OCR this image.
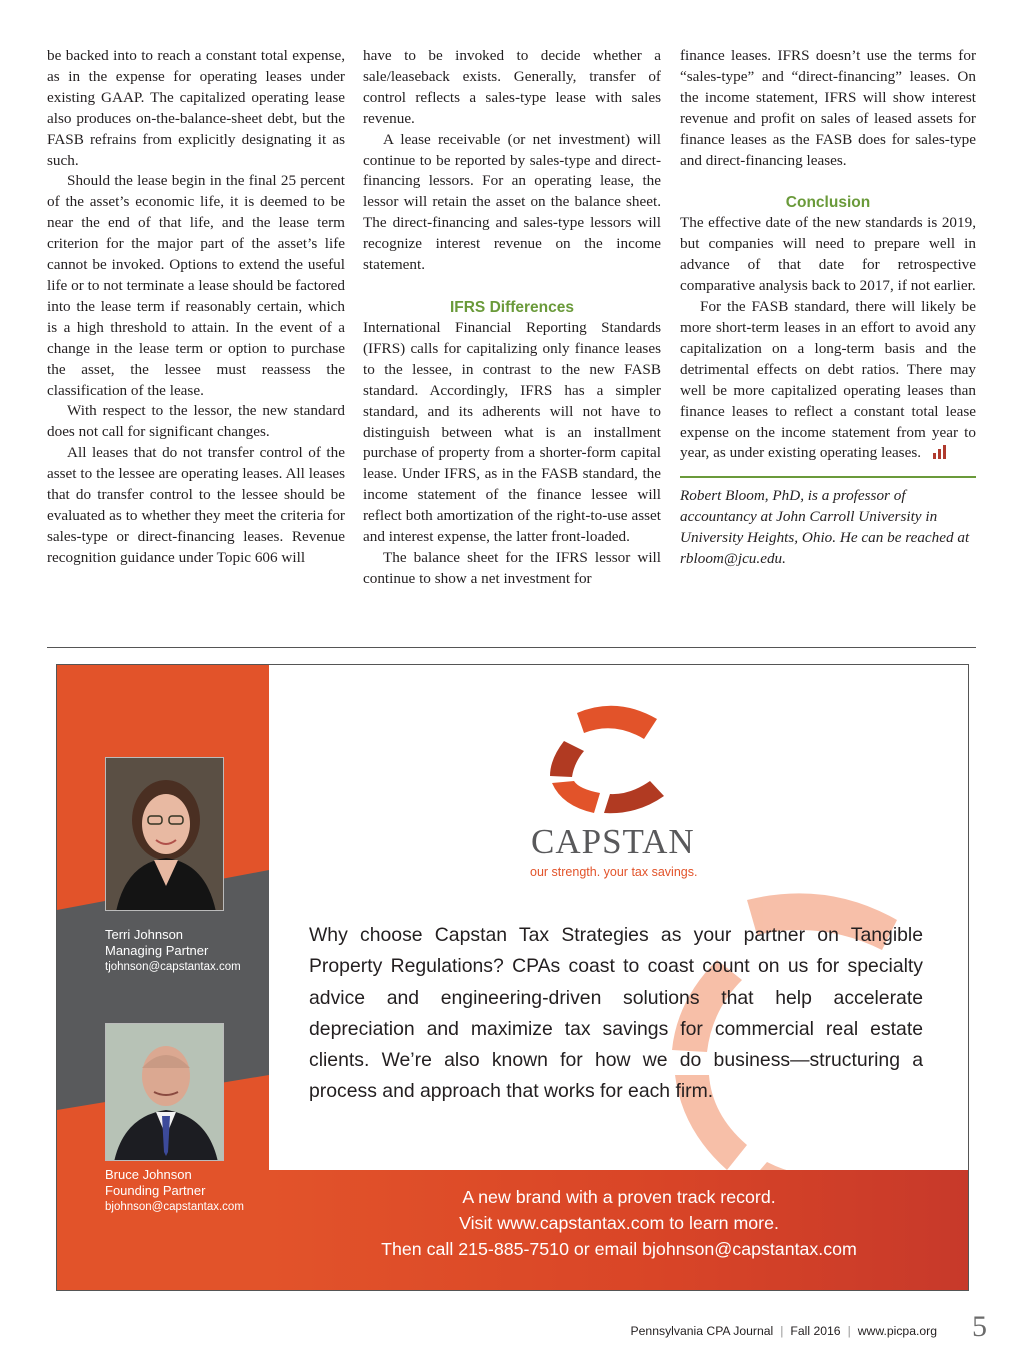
be backed into to reach a constant total expense, as in the expense for operating leases under existing GAAP. The capitalized operating lease also produces on-the-balance-sheet debt, but the FASB refrains from explicitly designating it as such.

Should the lease begin in the final 25 percent of the asset’s economic life, it is deemed to be near the end of that life, and the lease term criterion for the major part of the asset’s life cannot be invoked. Options to extend the useful life or to not terminate a lease should be factored into the lease term if reasonably certain, which is a high threshold to attain. In the event of a change in the lease term or option to purchase the asset, the lessee must reassess the classification of the lease.

With respect to the lessor, the new standard does not call for significant changes.

All leases that do not transfer control of the asset to the lessee are operating leases. All leases that do transfer control to the lessee should be evaluated as to whether they meet the criteria for sales-type or direct-financing leases. Revenue recognition guidance under Topic 606 will

have to be invoked to decide whether a sale/leaseback exists. Generally, transfer of control reflects a sales-type lease with sales revenue.

A lease receivable (or net investment) will continue to be reported by sales-type and direct-financing lessors. For an operating lease, the lessor will retain the asset on the balance sheet. The direct-financing and sales-type lessors will recognize interest revenue on the income statement.

IFRS Differences

International Financial Reporting Standards (IFRS) calls for capitalizing only finance leases to the lessee, in contrast to the new FASB standard. Accordingly, IFRS has a simpler standard, and its adherents will not have to distinguish between what is an installment purchase of property from a shorter-form capital lease. Under IFRS, as in the FASB standard, the income statement of the finance lessee will reflect both amortization of the right-to-use asset and interest expense, the latter front-loaded.

The balance sheet for the IFRS lessor will continue to show a net investment for

finance leases. IFRS doesn’t use the terms for “sales-type” and “direct-financing” leases. On the income statement, IFRS will show interest revenue and profit on sales of leased assets for finance leases as the FASB does for sales-type and direct-financing leases.

Conclusion

The effective date of the new standards is 2019, but companies will need to prepare well in advance of that date for retrospective comparative analysis back to 2017, if not earlier.

For the FASB standard, there will likely be more short-term leases in an effort to avoid any capitalization on a long-term basis and the detrimental effects on debt ratios. There may well be more capitalized operating leases than finance leases to reflect a constant total lease expense on the income statement from year to year, as under existing operating leases.

Robert Bloom, PhD, is a professor of accountancy at John Carroll University in University Heights, Ohio. He can be reached at rbloom@jcu.edu.

Terri Johnson
Managing Partner
tjohnson@capstantax.com
Bruce Johnson
Founding Partner
bjohnson@capstantax.com
CAPSTAN
our strength. your tax savings.

Why choose Capstan Tax Strategies as your partner on Tangible Property Regulations? CPAs coast to coast count on us for specialty advice and engineering-driven solutions that help accelerate depreciation and maximize tax savings for commercial real estate clients. We’re also known for how we do business—structuring a process and approach that works for each firm.

A new brand with a proven track record.
Visit www.capstantax.com to learn more.
Then call 215-885-7510 or email bjohnson@capstantax.com
Pennsylvania CPA Journal | Fall 2016 | www.picpa.org 5
